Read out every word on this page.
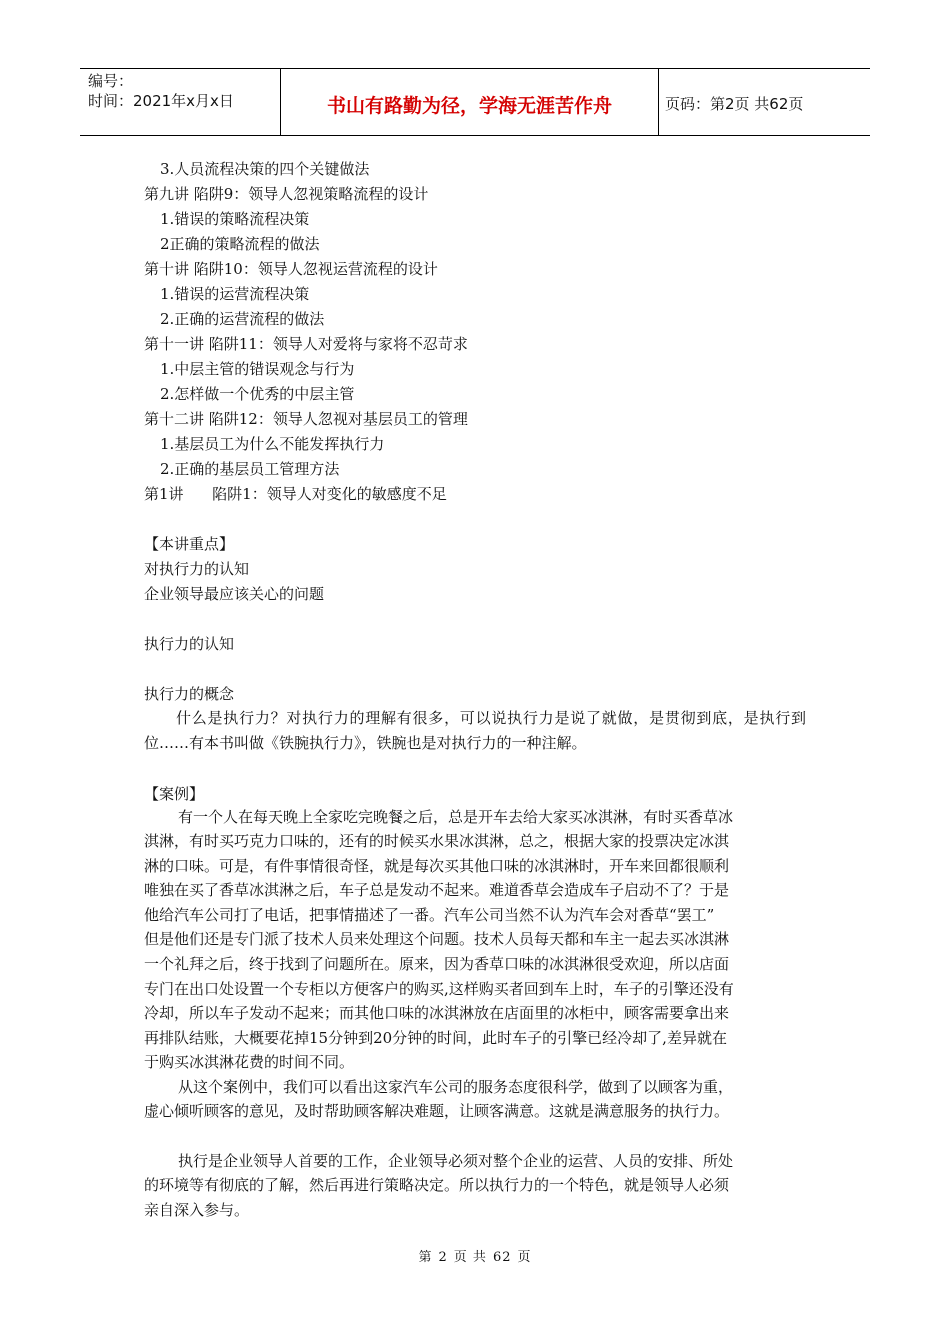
编号：
时间：2021年x月x日	书山有路勤为径，学海无涯苦作舟	页码：第2页 共62页
3.人员流程决策的四个关键做法
第九讲 陷阱9：领导人忽视策略流程的设计
1.错误的策略流程决策
2正确的策略流程的做法
第十讲 陷阱10：领导人忽视运营流程的设计
1.错误的运营流程决策
2.正确的运营流程的做法
第十一讲 陷阱11：领导人对爱将与家将不忍苛求
1.中层主管的错误观念与行为
2.怎样做一个优秀的中层主管
第十二讲 陷阱12：领导人忽视对基层员工的管理
1.基层员工为什么不能发挥执行力
2.正确的基层员工管理方法
第1讲      陷阱1：领导人对变化的敏感度不足
【本讲重点】
对执行力的认知
企业领导最应该关心的问题
执行力的认知
执行力的概念
什么是执行力？对执行力的理解有很多，可以说执行力是说了就做，是贯彻到底，是执行到位……有本书叫做《铁腕执行力》，铁腕也是对执行力的一种注解。
【案例】
有一个人在每天晚上全家吃完晚餐之后，总是开车去给大家买冰淇淋，有时买香草冰
淇淋，有时买巧克力口味的，还有的时候买水果冰淇淋，总之，根据大家的投票决定冰淇
淋的口味。可是，有件事情很奇怪，就是每次买其他口味的冰淇淋时，开车来回都很顺利
唯独在买了香草冰淇淋之后，车子总是发动不起来。难道香草会造成车子启动不了？于是
他给汽车公司打了电话，把事情描述了一番。汽车公司当然不认为汽车会对香草“罢工”
但是他们还是专门派了技术人员来处理这个问题。技术人员每天都和车主一起去买冰淇淋
一个礼拜之后，终于找到了问题所在。原来，因为香草口味的冰淇淋很受欢迎，所以店面
专门在出口处设置一个专柜以方便客户的购买,这样购买者回到车上时，车子的引擎还没有
冷却，所以车子发动不起来；而其他口味的冰淇淋放在店面里的冰柜中，顾客需要拿出来
再排队结账，大概要花掉15分钟到20分钟的时间，此时车子的引擎已经冷却了,差异就在
于购买冰淇淋花费的时间不同。
从这个案例中，我们可以看出这家汽车公司的服务态度很科学，做到了以顾客为重，
虚心倾听顾客的意见，及时帮助顾客解决难题，让顾客满意。这就是满意服务的执行力。
执行是企业领导人首要的工作，企业领导必须对整个企业的运营、人员的安排、所处
的环境等有彻底的了解，然后再进行策略决定。所以执行力的一个特色，就是领导人必须
亲自深入参与。
第 2 页 共 62 页
